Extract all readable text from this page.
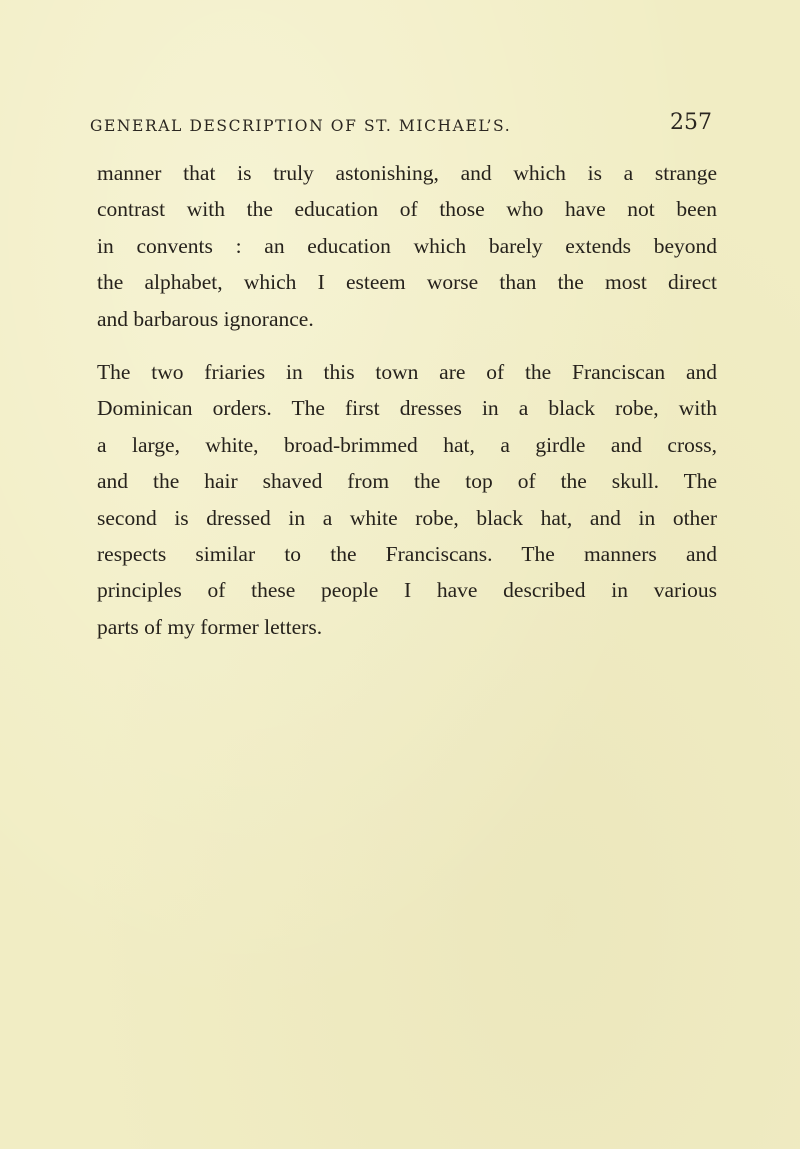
GENERAL DESCRIPTION OF ST. MICHAEL’S.	257

manner that is truly astonishing, and which is a strange
contrast with the education of those who have not been
in convents : an education which barely extends beyond
the alphabet, which I esteem worse than the most direct
and barbarous ignorance.

The two friaries in this town are of the Franciscan and
Dominican orders. The first dresses in a black robe, with
a large, white, broad-brimmed hat, a girdle and cross,
and the hair shaved from the top of the skull. The
second is dressed in a white robe, black hat, and in other
respects similar to the Franciscans. The manners and
principles of these people I have described in various
parts of my former letters.
